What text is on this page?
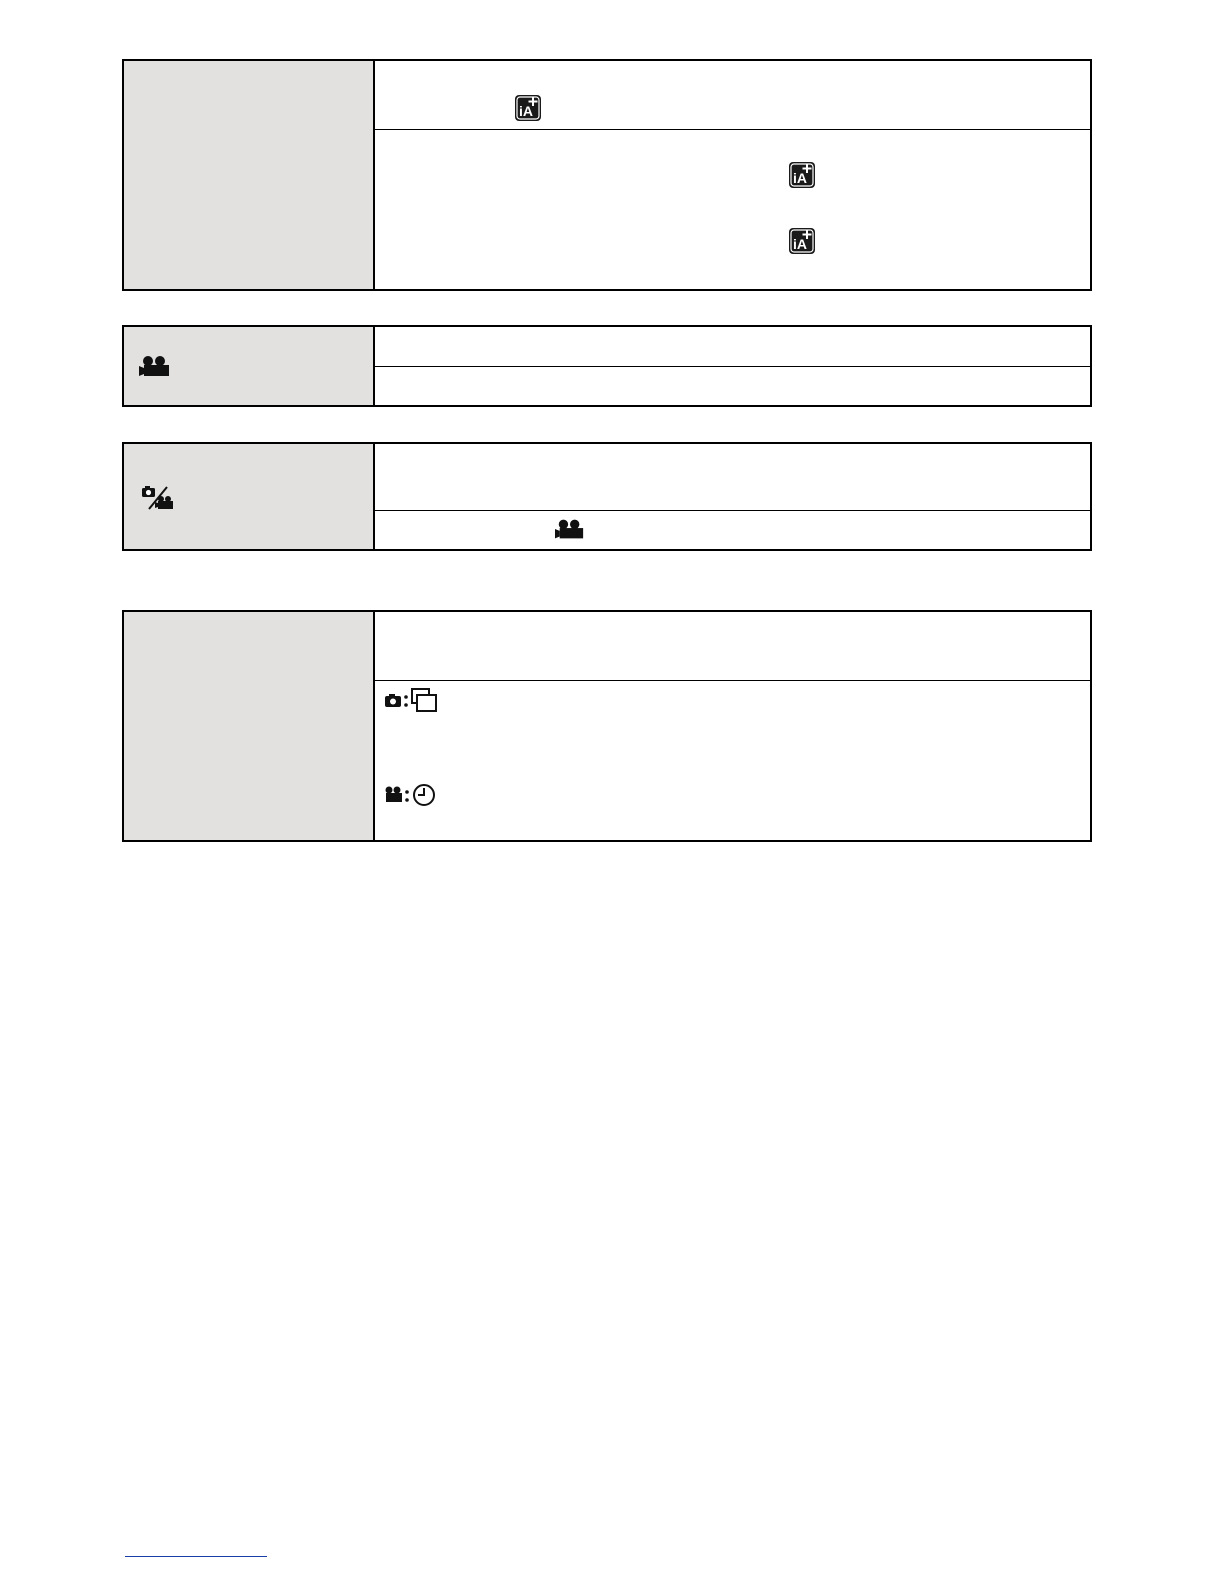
iA
iA
iA
